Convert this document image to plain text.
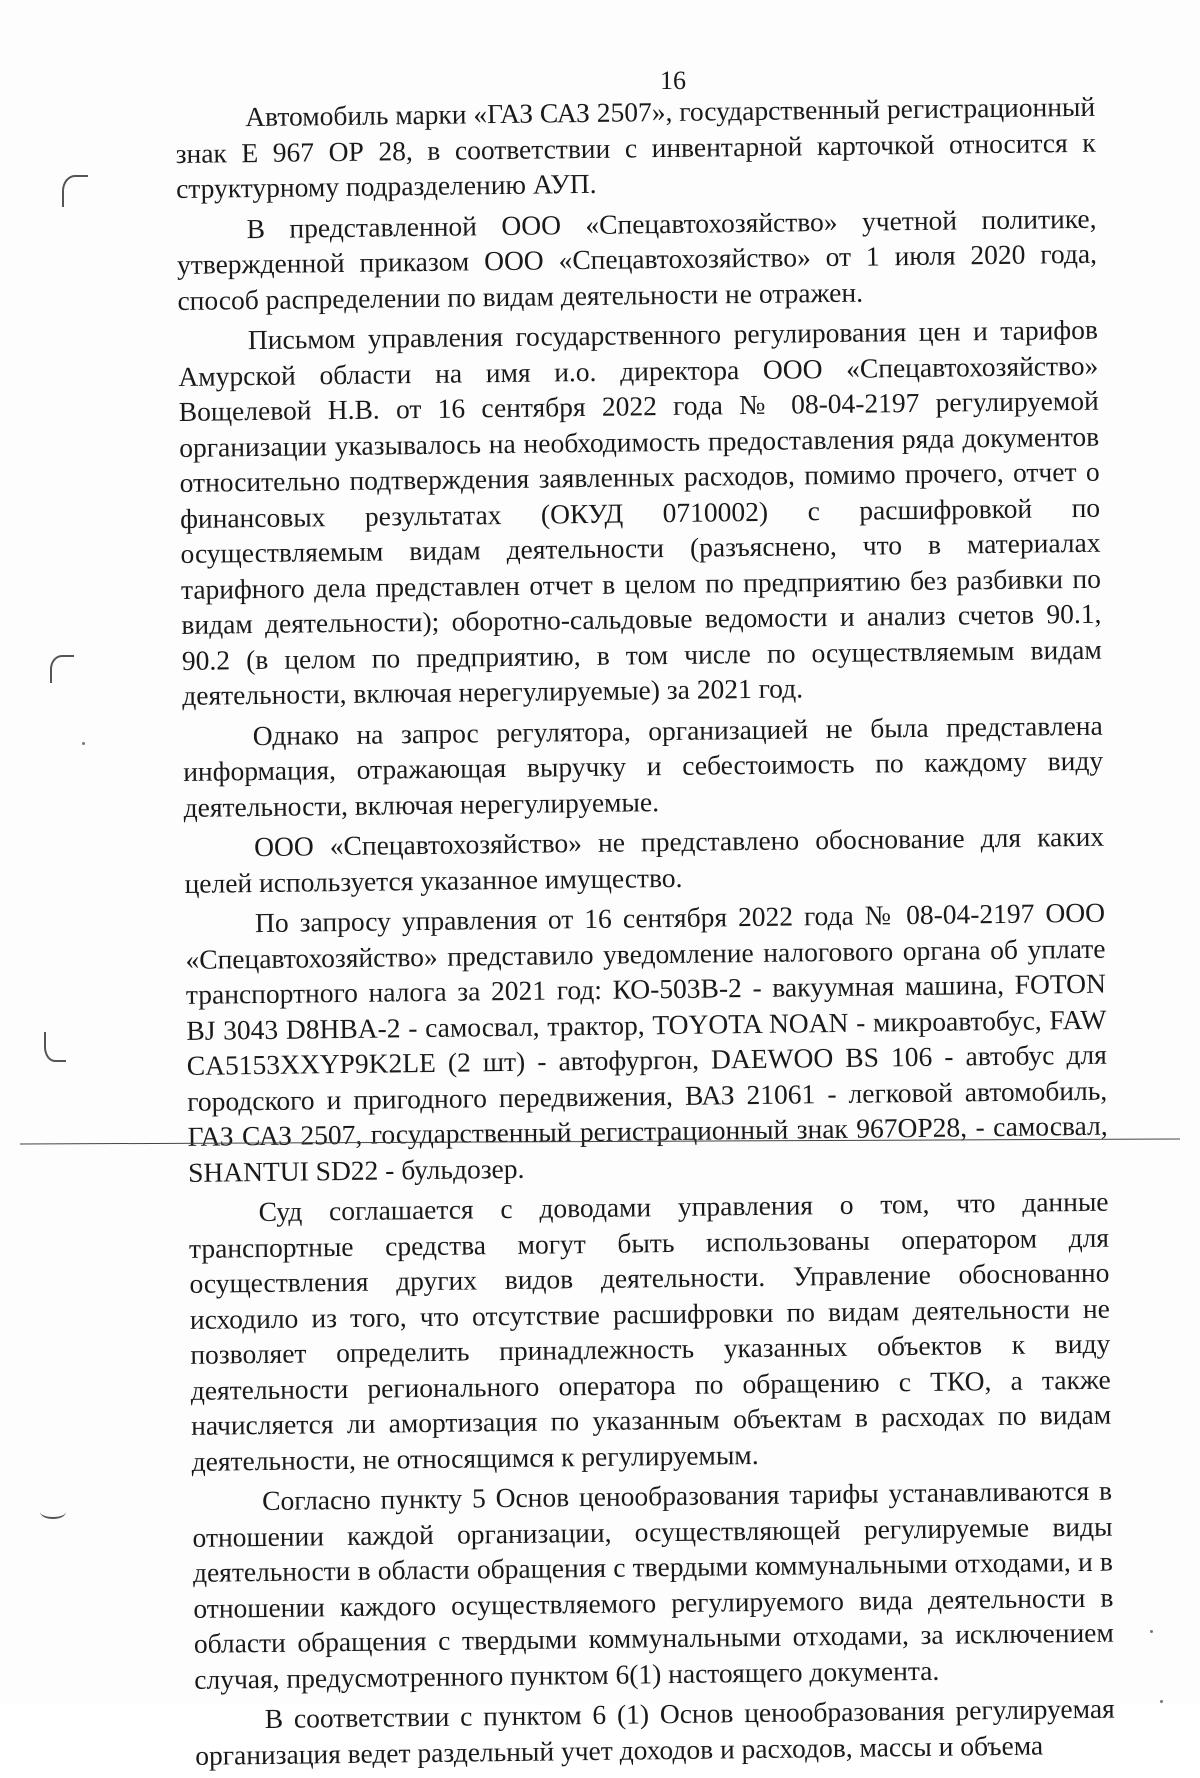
16

Автомобиль марки «ГАЗ САЗ 2507», государственный регистрационный знак Е 967 ОР 28, в соответствии с инвентарной карточкой относится к структурному подразделению АУП.

В представленной ООО «Спецавтохозяйство» учетной политике, утвержденной приказом ООО «Спецавтохозяйство» от 1 июля 2020 года, способ распределении по видам деятельности не отражен.

Письмом управления государственного регулирования цен и тарифов Амурской области на имя и.о. директора ООО «Спецавтохозяйство» Вощелевой Н.В. от 16 сентября 2022 года № 08-04-2197 регулируемой организации указывалось на необходимость предоставления ряда документов относительно подтверждения заявленных расходов, помимо прочего, отчет о финансовых результатах (ОКУД 0710002) с расшифровкой по осуществляемым видам деятельности (разъяснено, что в материалах тарифного дела представлен отчет в целом по предприятию без разбивки по видам деятельности); оборотно-сальдовые ведомости и анализ счетов 90.1, 90.2 (в целом по предприятию, в том числе по осуществляемым видам деятельности, включая нерегулируемые) за 2021 год.

Однако на запрос регулятора, организацией не была представлена информация, отражающая выручку и себестоимость по каждому виду деятельности, включая нерегулируемые.

ООО «Спецавтохозяйство» не представлено обоснование для каких целей используется указанное имущество.

По запросу управления от 16 сентября 2022 года № 08-04-2197 ООО «Спецавтохозяйство» представило уведомление налогового органа об уплате транспортного налога за 2021 год: КО-503В-2 - вакуумная машина, FOTON BJ 3043 D8HBA-2 - самосвал, трактор, TOYOTA NOAN - микроавтобус, FAW CA5153XXYP9K2LE (2 шт) - автофургон, DAEWOO BS 106 - автобус для городского и пригодного передвижения, ВАЗ 21061 - легковой автомобиль, ГАЗ САЗ 2507, государственный регистрационный знак 967ОР28, - самосвал, SHANTUI SD22 - бульдозер.

Суд соглашается с доводами управления о том, что данные транспортные средства могут быть использованы оператором для осуществления других видов деятельности. Управление обоснованно исходило из того, что отсутствие расшифровки по видам деятельности не позволяет определить принадлежность указанных объектов к виду деятельности регионального оператора по обращению с ТКО, а также начисляется ли амортизация по указанным объектам в расходах по видам деятельности, не относящимся к регулируемым.

Согласно пункту 5 Основ ценообразования тарифы устанавливаются в отношении каждой организации, осуществляющей регулируемые виды деятельности в области обращения с твердыми коммунальными отходами, и в отношении каждого осуществляемого регулируемого вида деятельности в области обращения с твердыми коммунальными отходами, за исключением случая, предусмотренного пунктом 6(1) настоящего документа.

В соответствии с пунктом 6 (1) Основ ценообразования регулируемая организация ведет раздельный учет доходов и расходов, массы и объема
